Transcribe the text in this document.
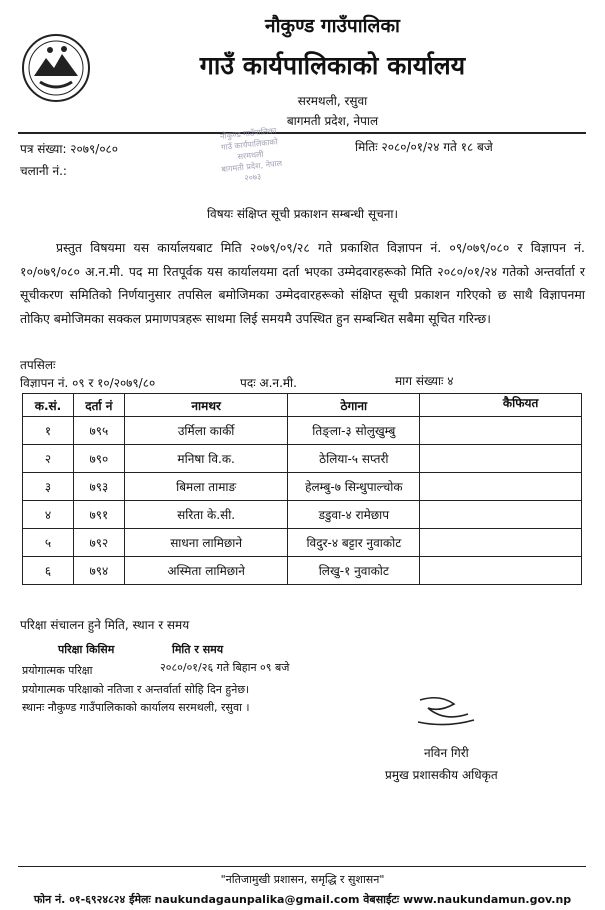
नौकुण्ड गाउँपालिका
गाउँ कार्यपालिकाको कार्यालय
सरमथली, रसुवा
बागमती प्रदेश, नेपाल
पत्र संख्या: २०७९/०८०
चलानी नं.:
मितिः २०८०/०१/२४ गते १८ बजे
नौकुण्ड गाउँपालिका
गाउँ कार्यपालिकाको
सरमथली
बागमती प्रदेश, नेपाल
२०७३
विषयः संक्षिप्त सूची प्रकाशन सम्बन्धी सूचना।
प्रस्तुत विषयमा यस कार्यालयबाट मिति २०७९/०९/२८ गते प्रकाशित विज्ञापन नं. ०९/०७९/०८० र विज्ञापन नं. १०/०७९/०८० अ.न.मी. पद मा रितपूर्वक यस कार्यालयमा दर्ता भएका उम्मेदवारहरूको मिति २०८०/०१/२४ गतेको अन्तर्वार्ता र सूचीकरण समितिको निर्णयानुसार तपसिल बमोजिमका उम्मेदवारहरूको संक्षिप्त सूची प्रकाशन गरिएको छ साथै विज्ञापनमा तोकिए बमोजिमका सक्कल प्रमाणपत्रहरू साथमा लिई समयमै उपस्थित हुन सम्बन्धित सबैमा सूचित गरिन्छ।
तपसिलः
विज्ञापन नं. ०९ र १०/२०७९/८०	पदः अ.न.मी.	माग संख्याः ४
क.सं.	दर्ता नं	नामथर	ठेगाना	कैफियत
१	७९५	उर्मिला कार्की	तिङ्ला-३ सोलुखुम्बु	
२	७९०	मनिषा वि.क.	ठेलिया-५ सप्तरी	
३	७९३	बिमला तामाङ	हेलम्बु-७ सिन्धुपाल्चोक	
४	७९१	सरिता के.सी.	डडुवा-४ रामेछाप	
५	७९२	साधना लामिछाने	विदुर-४ बट्टार नुवाकोट	
६	७९४	अस्मिता लामिछाने	लिखु-१ नुवाकोट	
परिक्षा संचालन हुने मिति, स्थान र समय
परिक्षा किसिम	मिति र समय
प्रयोगात्मक परिक्षा	२०८०/०१/२६ गते बिहान ०९ बजे
प्रयोगात्मक परिक्षाको नतिजा र अन्तर्वार्ता सोहि दिन हुनेछ।
स्थानः नौकुण्ड गाउँपालिकाको कार्यालय सरमथली, रसुवा ।
नविन गिरी
प्रमुख प्रशासकीय अधिकृत
"नतिजामुखी प्रशासन, समृद्धि र सुशासन"
फोन नं. ०१-६९२४८२४ ईमेलः naukundagaunpalika@gmail.com वेबसाईटः www.naukundamun.gov.np
